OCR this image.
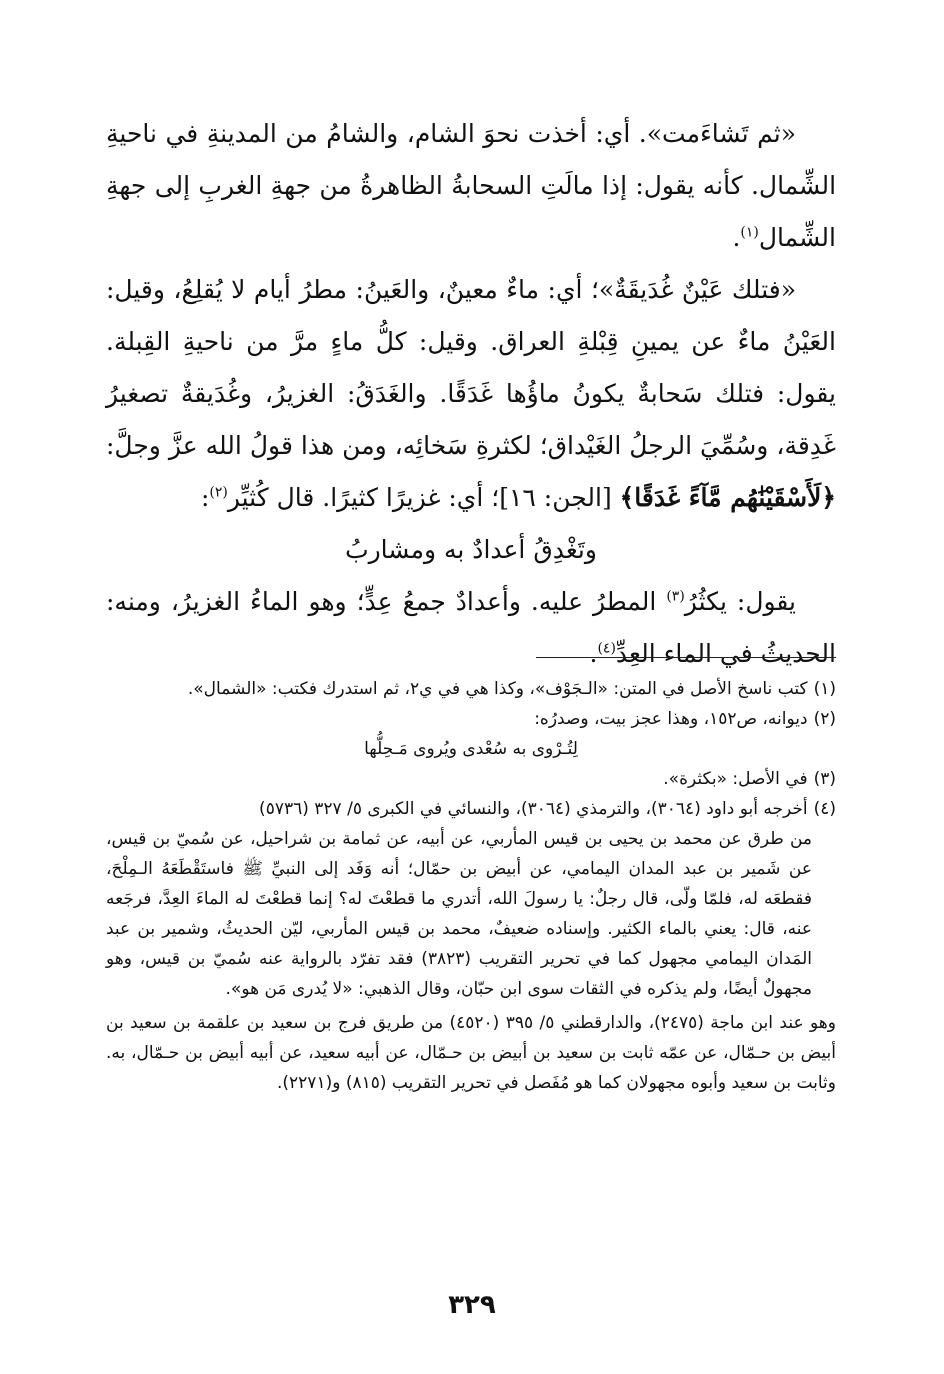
«ثم تَشاءَمت». أي: أخذت نحوَ الشام، والشامُ من المدينةِ في ناحيةِ الشِّمال. كأنه يقول: إذا مالَتِ السحابةُ الظاهرةُ من جهةِ الغربِ إلى جهةِ الشِّمال$^{(١)}$.

«فتلك عَيْنٌ غُدَيقَةٌ»؛ أي: ماءٌ معينٌ، والعَينُ: مطرُ أيام لا يُقلِعُ، وقيل: العَيْنُ ماءٌ عن يمينِ قِبْلةِ العراق. وقيل: كلُّ ماءٍ مرَّ من ناحيةِ القِبلة. يقول: فتلك سَحابةٌ يكونُ ماؤُها غَدَقًا. والغَدَقُ: الغزيرُ، وغُدَيقةٌ تصغيرُ غَدِقة، وسُمِّيَ الرجلُ الغَيْداق؛ لكثرةِ سَخائِه، ومن هذا قولُ الله عزَّ وجلَّ: ﴿لَأَسْقَيْنَٰهُم مَّآءً غَدَقًا﴾ [الجن: ١٦]؛ أي: غزيرًا كثيرًا. قال كُثيِّر$^{(٢)}$:

وتَغْدِقُ أعدادٌ به ومشاربُ

يقول: يكثُرُ$^{(٣)}$ المطرُ عليه. وأعدادٌ جمعُ عِدٍّ؛ وهو الماءُ الغزيرُ، ومنه: الحديثُ في الماء العِدِّ$^{(٤)}$.

(١)كتب ناسخ الأصل في المتن: «الـجَوْف»، وكذا هي في ي٢، ثم استدرك فكتب: «الشمال».

(٢)ديوانه، ص١٥٢، وهذا عجز بيت، وصدرُه:

لِتُـرْوى به سُعْدى ويُروى مَـحِلُّها

(٣)في الأصل: «بكثرة».

(٤)أخرجه أبو داود (٣٠٦٤)، والترمذي (٣٠٦٤)، والنسائي في الكبرى ٥/ ٣٢٧ (٥٧٣٦)

من طرق عن محمد بن يحيى بن قيس المأربي، عن أبيه، عن ثمامة بن شراحيل، عن سُميّ بن قيس، عن شَمير بن عبد المدان اليمامي، عن أبيض بن حمّال؛ أنه وَفَد إلى النبيِّ ﷺ فاستَقْطَعَهُ الـمِلْحَ، فقطعَه له، فلمّا ولّى، قال رجلٌ: يا رسولَ الله، أتدري ما قطعْتَ له؟ إنما قطعْتَ له الماءَ العِدَّ، فرجَعه عنه، قال: يعني بالماء الكثير. وإسناده ضعيفٌ، محمد بن قيس المأربي، ليّن الحديثُ، وشمير بن عبد المَدان اليمامي مجهول كما في تحرير التقريب (٣٨٢٣) فقد تفرّد بالرواية عنه سُميّ بن قيس، وهو مجهولٌ أيضًا، ولم يذكره في الثقات سوى ابن حبّان، وقال الذهبي: «لا يُدرى مَن هو».

وهو عند ابن ماجة (٢٤٧٥)، والدارقطني ٥/ ٣٩٥ (٤٥٢٠) من طريق فرج بن سعيد بن علقمة بن سعيد بن أبيض بن حـمّال، عن عمّه ثابت بن سعيد بن أبيض بن حـمّال، عن أبيه سعيد، عن أبيه أبيض بن حـمّال، به. وثابت بن سعيد وأبوه مجهولان كما هو مُفَصل في تحرير التقريب (٨١٥) و(٢٢٧١).

٣٢٩
